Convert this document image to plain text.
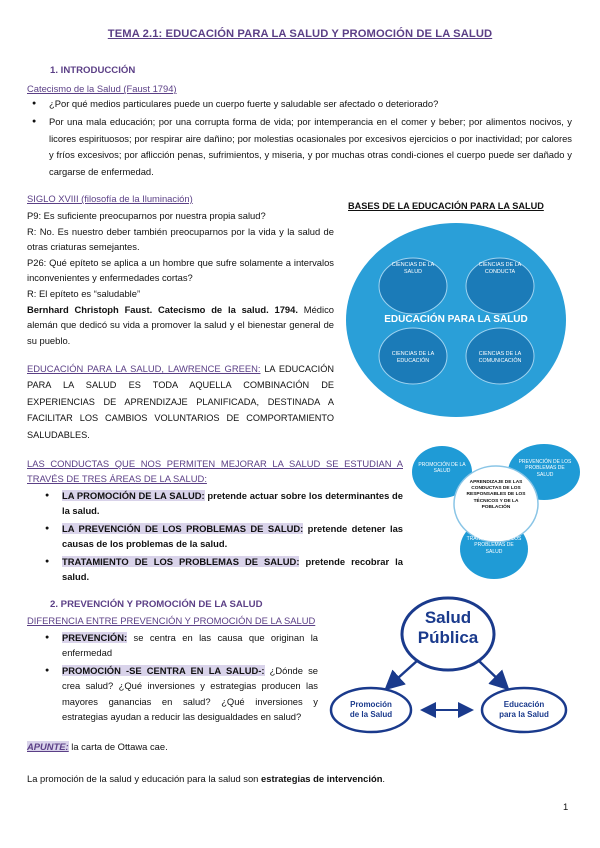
TEMA 2.1: EDUCACIÓN PARA LA SALUD Y PROMOCIÓN DE LA SALUD
1. INTRODUCCIÓN
Catecismo de la Salud (Faust 1794)
● ¿Por qué medios particulares puede un cuerpo fuerte y saludable ser afectado o deteriorado?
● Por una mala educación; por una corrupta forma de vida; por intemperancia en el comer y beber; por alimentos nocivos, y licores espirituosos; por respirar aire dañino; por molestias ocasionales por excesivos ejercicios o por inactividad; por calores y fríos excesivos; por aflicción penas, sufrimientos, y miseria, y por muchas otras condi-ciones el cuerpo puede ser dañado y cargarse de enfermedad.
SIGLO XVIII (filosofía de la Iluminación)

P9: Es suficiente preocuparnos por nuestra propia salud?

R: No. Es nuestro deber también preocuparnos por la vida y la salud de otras criaturas semejantes.

P26: Qué epíteto se aplica a un hombre que sufre solamente a intervalos inconvenientes y enfermedades cortas?

R: El epíteto es “saludable”

Bernhard Christoph Faust. Catecismo de la salud. 1794. Médico alemán que dedicó su vida a promover la salud y el bienestar general de su pueblo.

EDUCACIÓN PARA LA SALUD, LAWRENCE GREEN: LA EDUCACIÓN PARA LA SALUD ES TODA AQUELLA COMBINACIÓN DE EXPERIENCIAS DE APRENDIZAJE PLANIFICADA, DESTINADA A FACILITAR LOS CAMBIOS VOLUNTARIOS DE COMPORTAMIENTO SALUDABLES.
LAS CONDUCTAS QUE NOS PERMITEN MEJORAR LA SALUD SE ESTUDIAN A TRAVÉS DE TRES ÁREAS DE LA SALUD:
● LA PROMOCIÓN DE LA SALUD: pretende actuar sobre los determinantes de la salud.
● LA PREVENCIÓN DE LOS PROBLEMAS DE SALUD: pretende detener las causas de los problemas de la salud.
● TRATAMIENTO DE LOS PROBLEMAS DE SALUD: pretende recobrar la salud.
2. PREVENCIÓN Y PROMOCIÓN DE LA SALUD
DIFERENCIA ENTRE PREVENCIÓN Y PROMOCIÓN DE LA SALUD
● PREVENCIÓN: se centra en las causa que originan la enfermedad
● PROMOCIÓN -SE CENTRA EN LA SALUD-: ¿Dónde se crea salud? ¿Qué inversiones y estrategias producen las mayores ganancias en salud? ¿Qué inversiones y estrategias ayudan a reducir las desigualdades en salud?
APUNTE: la carta de Ottawa cae.
La promoción de la salud y educación para la salud son estrategias de intervención.
1
BASES DE LA EDUCACIÓN PARA LA SALUD
CIENCIAS DE LA SALUD
CIENCIAS DE LA CONDUCTA
EDUCACIÓN PARA LA SALUD
CIENCIAS DE LA EDUCACIÓN
CIENCIAS DE LA COMUNICACIÓN
PROMOCIÓN DE LA SALUD
PREVENCIÓN DE LOS PROBLEMAS DE SALUD
TRATAMIENTO DE LOS PROBLEMAS DE SALUD
APRENDIZAJE DE LAS CONDUCTAS DE LOS RESPONSABLES DE LOS TÉCNICOS Y DE LA POBLACIÓN
Salud
Pública
Promoción
de la Salud
Educación
para la Salud
